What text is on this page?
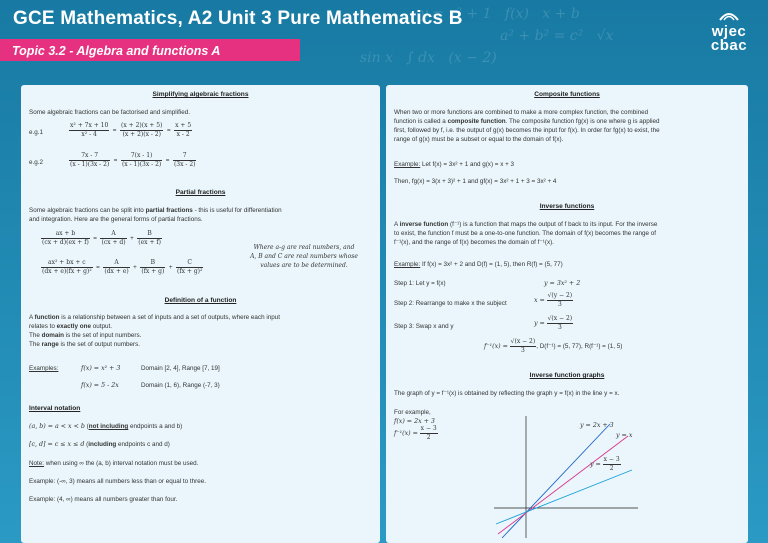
y = x² + 1   f(x)   x + b
a² + b² = c²   √x
sin x   ∫ dx   (x − 2)
GCE Mathematics, A2 Unit 3 Pure Mathematics B
Topic 3.2 - Algebra and functions A
wjec
cbac
Simplifying algebraic fractions
Some algebraic fractions can be factorised and simplified.
e.g.1	$\frac{\text{x² + 7x + 10}}{\text{x² - 4}} = \frac{(x + 2)(x + 5)}{(x + 2)(x - 2)} = \frac{x + 5}{x - 2}$
e.g.2	$\frac{7x - 7}{(x - 1)(3x - 2)} = \frac{7(x - 1)}{(x - 1)(3x - 2)} = \frac{7}{(3x - 2)}$
Partial fractions
Some algebraic fractions can be split into partial fractions - this is useful for differentiation
and integration. Here are the general forms of partial fractions.
$\frac{ax + b}{(cx + d)(ex + f)} = \frac{A}{(cx + d)} + \frac{B}{(ex + f)}$
$\frac{\text{ax² + bx + c}}{\text{(dx + e)(fx + g)²}} = \frac{A}{(dx + e)} + \frac{B}{(fx + g)} + \frac{C}{\text{(fx + g)²}}$
Where a-g are real numbers, and
A, B and C are real numbers whose
values are to be determined.
Definition of a function
A function is a relationship between a set of inputs and a set of outputs, where each input
relates to exactly one output.
The domain is the set of input numbers.
The range is the set of output numbers.
Examples:	f(x) = x² + 3	Domain [2, 4], Range [7, 19]
f(x) = 5 - 2x	Domain (1, 6), Range (-7, 3)
Interval notation
(a, b) = a < x < b (not including endpoints a and b)
[c, d] = c ≤ x ≤ d (including endpoints c and d)
Note: when using ∞ the (a, b) interval notation must be used.
Example: (-∞, 3) means all numbers less than or equal to three.
Example: (4, ∞) means all numbers greater than four.
Composite functions
When two or more functions are combined to make a more complex function, the combined
function is called a composite function. The composite function fg(x) is one where g is applied
first, followed by f, i.e. the output of g(x) becomes the input for f(x). In order for fg(x) to exist, the
range of g(x) must be a subset or equal to the domain of f(x).
Example: Let f(x) = 3x² + 1 and g(x) = x + 3
Then, fg(x) = 3(x + 3)² + 1 and gf(x) = 3x² + 1 + 3 = 3x² + 4
Inverse functions
A inverse function (f⁻¹) is a function that maps the output of f back to its input. For the inverse
to exist, the function f must be a one-to-one function. The domain of f(x) becomes the range of
f⁻¹(x), and the range of f(x) becomes the domain of f⁻¹(x).
Example: If f(x) = 3x² + 2 and D(f) = (1, 5), then R(f) = (5, 77)
Step 1: Let y = f(x)	y = 3x² + 2
Step 2: Rearrange to make x the subject	$x = \frac{√(y - 2)}{3}$
Step 3: Swap x and y	$y = \frac{√(x - 2)}{3}$
$f^{-1}(x) = \frac{√(x - 2)}{3}$ , D(f⁻¹) = (5, 77), R(f⁻¹) = (1, 5)
Inverse function graphs
The graph of y = f⁻¹(x) is obtained by reflecting the graph y = f(x) in the line y = x.
For example,
f(x) = 2x + 3
$f^{-1}(x) = \frac{x - 3}{2}$	y = 2x + 3
y = x
$y = \frac{x - 3}{2}$
